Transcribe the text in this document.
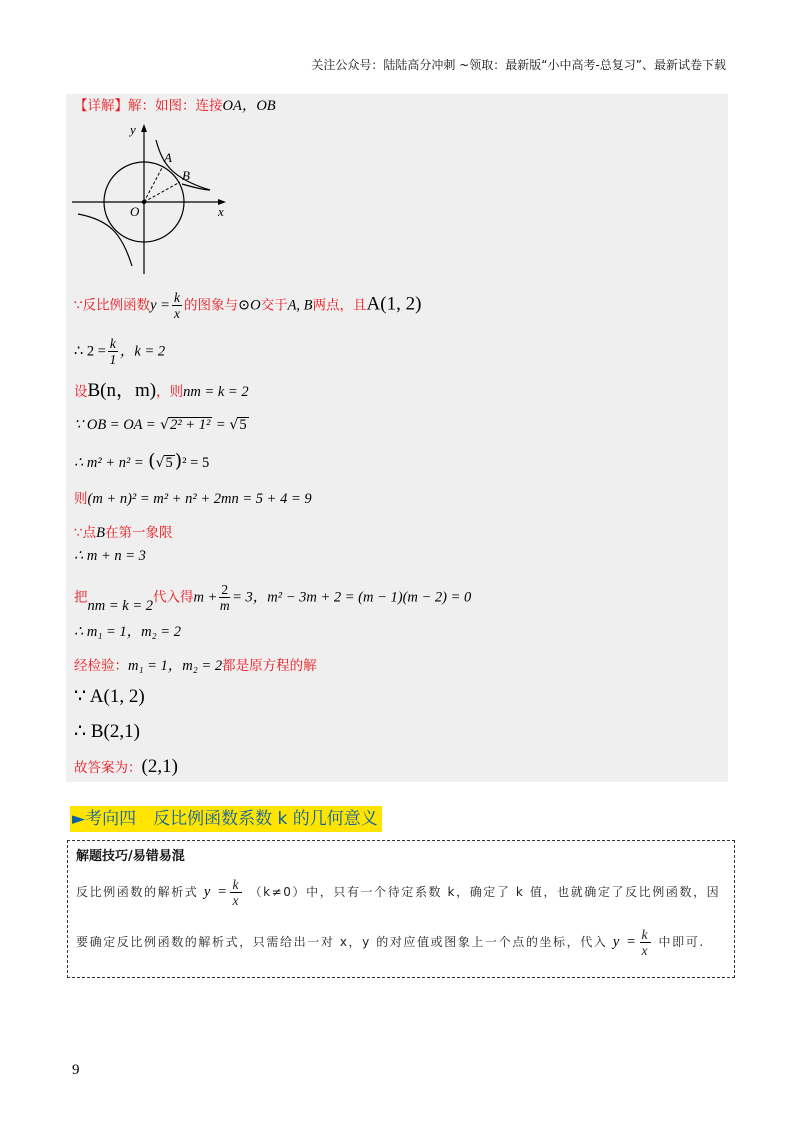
关注公众号：陆陆高分冲刺 ~领取：最新版“小中高考-总复习”、最新试卷下载
【详解】解：如图：连接OA，OB
y
x
O
A
B
∵反比例函数$y = \frac{k}{x}$ 的图象与⊙O交于A, B两点，且A(1, 2)
∴ $2 = \frac{k}{1}$ ，k = 2
设B(n，m)，则nm = k = 2
∵ OB = OA = √2² + 1² = √5
∴ m² + n² = (√5 )² = 5
则(m + n)² = m² + n² + 2mn = 5 + 4 = 9
∵点B在第一象限
∴ m + n = 3
把nm = k = 2代入得$m + \frac{2}{m} = 3$，m² − 3m + 2 = (m − 1)(m − 2) = 0
∴ m₁ = 1，m₂ = 2
经检验：m₁ = 1，m₂ = 2都是原方程的解
∵ A(1, 2)
∴ B(2,1)
故答案为：(2,1)
►考向四　反比例函数系数 k 的几何意义
解题技巧/易错易混
反比例函数的解析式 $y = \frac{k}{x} (k\ne 0)$中，只有一个待定系数 k，确定了 k 值，也就确定了反比例函数，因
要确定反比例函数的解析式，只需给出一对 x，y 的对应值或图象上一个点的坐标，代入 $y = \frac{k}{x}$ 中即可.
9
